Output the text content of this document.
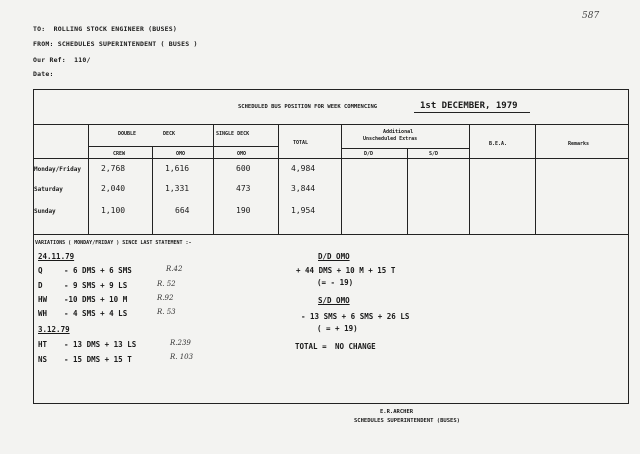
587
TO: ROLLING STOCK ENGINEER (BUSES)
FROM: SCHEDULES SUPERINTENDENT ( BUSES )
Our Ref: 110/
Date:
SCHEDULED BUS POSITION FOR WEEK COMMENCING	1st DECEMBER, 1979
DOUBLE	DECK	SINGLE DECK
TOTAL
Additional
Unscheduled Extras
D/D	S/D
B.E.A.	Remarks
CREW	OMO	OMO
Monday/Friday	2,768	1,616	600	4,984
Saturday	2,040	1,331	473	3,844
Sunday	1,100	664	190	1,954
VARIATIONS ( MONDAY/FRIDAY ) SINCE LAST STATEMENT :-
24.11.79
Q	- 6 DMS + 6 SMS	R.42
D	- 9 SMS + 9 LS	R. 52
HW -10 DMS + 10 M	R.92
WH - 4 SMS + 4 LS	R. 53
3.12.79
HT - 13 DMS + 13 LS	R.239
NS - 15 DMS + 15 T	R. 103
D/D OMO
+ 44 DMS + 10 M + 15 T
(= - 19)
S/D OMO
- 13 SMS + 6 SMS + 26 LS
( = + 19)
TOTAL = NO CHANGE
E.R.ARCHER
SCHEDULES SUPERINTENDENT (BUSES)
